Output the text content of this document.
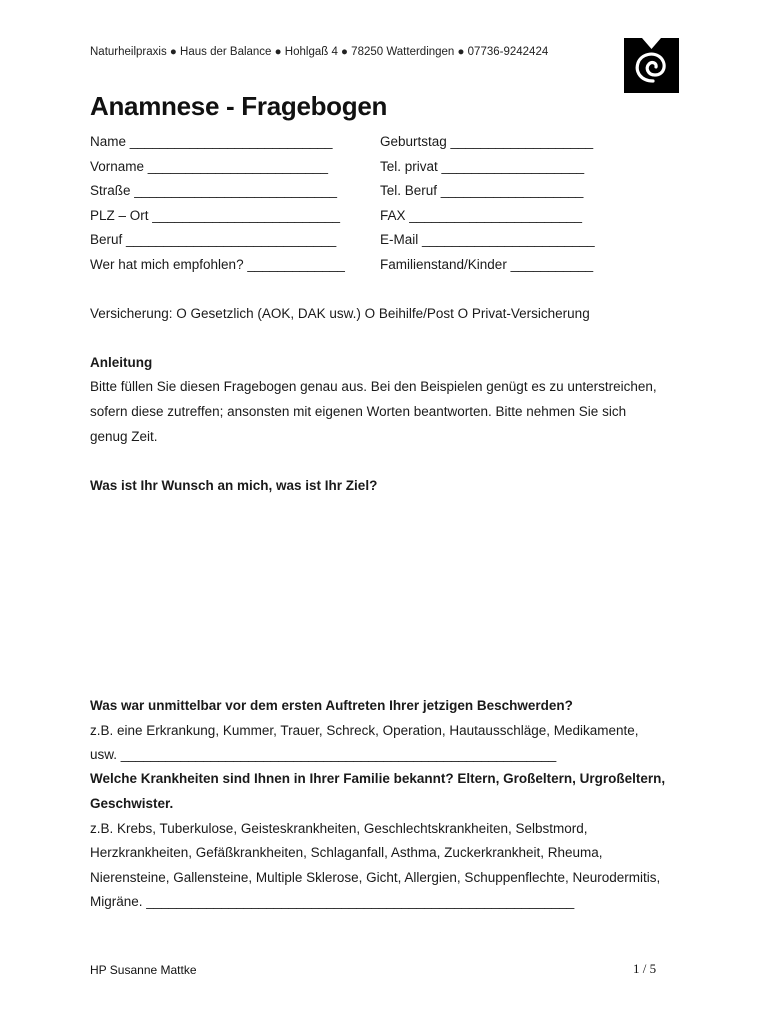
Naturheilpraxis ● Haus der Balance ● Hohlgaß 4 ● 78250 Watterdingen ● 07736-9242424
Anamnese - Fragebogen
Name ___________________________
Vorname ________________________
Straße ___________________________
PLZ – Ort _________________________
Beruf ____________________________
Wer hat mich empfohlen? _____________
Geburtstag ___________________
Tel. privat ___________________
Tel. Beruf ___________________
FAX _______________________
E-Mail _______________________
Familienstand/Kinder ___________
Versicherung: O Gesetzlich (AOK, DAK usw.) O Beihilfe/Post O Privat-Versicherung
Anleitung
Bitte füllen Sie diesen Fragebogen genau aus. Bei den Beispielen genügt es zu unterstreichen,
sofern diese zutreffen; ansonsten mit eigenen Worten beantworten. Bitte nehmen Sie sich
genug Zeit.
Was ist Ihr Wunsch an mich, was ist Ihr Ziel?
Was war unmittelbar vor dem ersten Auftreten Ihrer jetzigen Beschwerden?
z.B. eine Erkrankung, Kummer, Trauer, Schreck, Operation, Hautausschläge, Medikamente,
usw. __________________________________________________________
Welche Krankheiten sind Ihnen in Ihrer Familie bekannt? Eltern, Großeltern, Urgroßeltern,
Geschwister.
z.B. Krebs, Tuberkulose, Geisteskrankheiten, Geschlechtskrankheiten, Selbstmord,
Herzkrankheiten, Gefäßkrankheiten, Schlaganfall, Asthma, Zuckerkrankheit, Rheuma,
Nierensteine, Gallensteine, Multiple Sklerose, Gicht, Allergien, Schuppenflechte, Neurodermitis,
Migräne. _________________________________________________________
HP Susanne Mattke	1 / 5
